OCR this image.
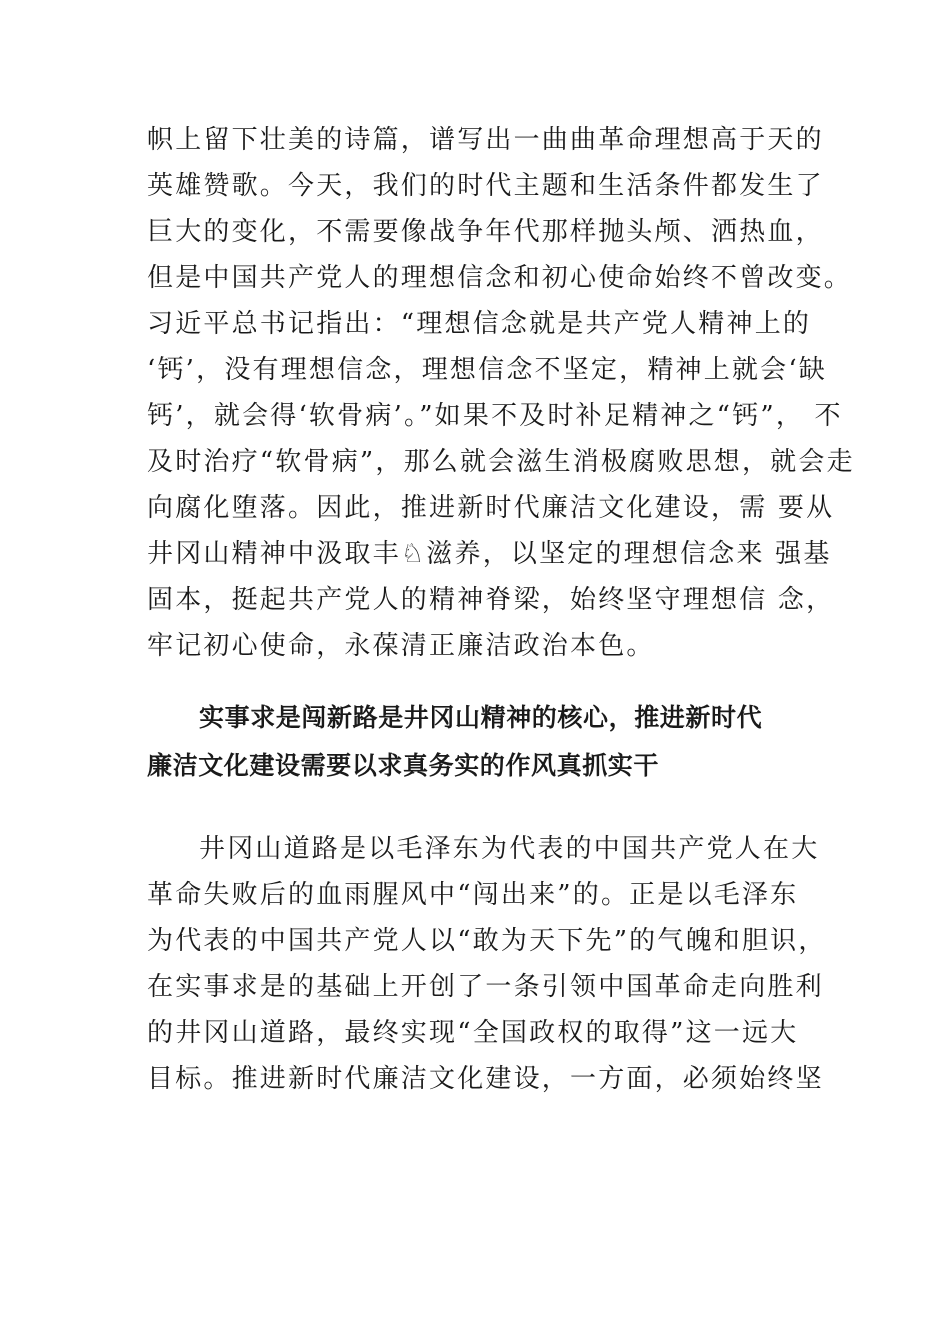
帜上留下壮美的诗篇，谱写出一曲曲革命理想高于天的
英雄赞歌。今天，我们的时代主题和生活条件都发生了
巨大的变化，不需要像战争年代那样抛头颅、洒热血，
但是中国共产党人的理想信念和初心使命始终不曾改变。
习近平总书记指出：“理想信念就是共产党人精神上的
‘钙’，没有理想信念，理想信念不坚定，精神上就会‘缺
钙’，就会得‘软骨病’。”如果不及时补足精神之“钙”， 不
及时治疗“软骨病”，那么就会滋生消极腐败思想，就会走
向腐化堕落。因此，推进新时代廉洁文化建设，需 要从
井冈山精神中汲取丰♘滋养，以坚定的理想信念来 强基
固本，挺起共产党人的精神脊梁，始终坚守理想信 念，
牢记初心使命，永葆清正廉洁政治本色。
实事求是闯新路是井冈山精神的核心，推进新时代
廉洁文化建设需要以求真务实的作风真抓实干
井冈山道路是以毛泽东为代表的中国共产党人在大
革命失败后的血雨腥风中“闯出来”的。正是以毛泽东
为代表的中国共产党人以“敢为天下先”的气魄和胆识，
在实事求是的基础上开创了一条引领中国革命走向胜利
的井冈山道路，最终实现“全国政权的取得”这一远大
目标。推进新时代廉洁文化建设，一方面，必须始终坚
